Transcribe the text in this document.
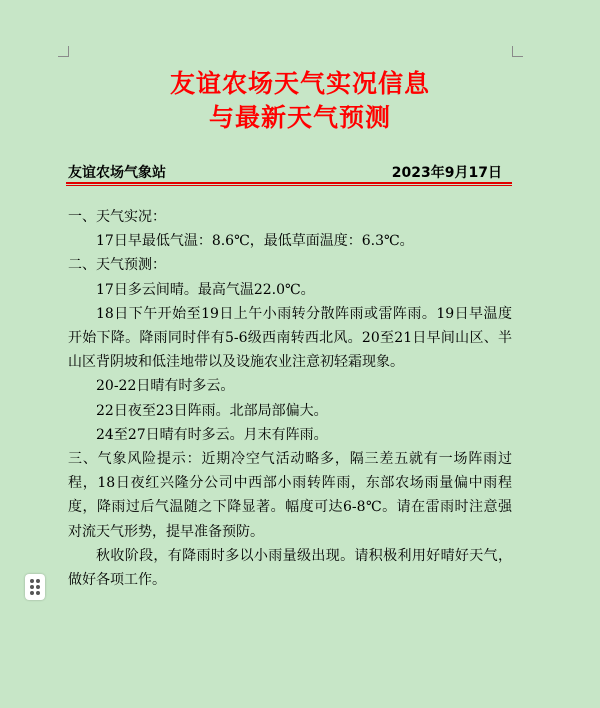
友谊农场天气实况信息
与最新天气预测
友谊农场气象站	2023年9月17日

一、天气实况：

17日早最低气温：8.6℃，最低草面温度：6.3℃。

二、天气预测：

17日多云间晴。最高气温22.0℃。

18日下午开始至19日上午小雨转分散阵雨或雷阵雨。19日早温度开始下降。降雨同时伴有5-6级西南转西北风。20至21日早间山区、半山区背阴坡和低洼地带以及设施农业注意初轻霜现象。

20-22日晴有时多云。

22日夜至23日阵雨。北部局部偏大。

24至27日晴有时多云。月末有阵雨。

三、气象风险提示：近期冷空气活动略多，隔三差五就有一场阵雨过程，18日夜红兴隆分公司中西部小雨转阵雨，东部农场雨量偏中雨程度，降雨过后气温随之下降显著。幅度可达6-8℃。请在雷雨时注意强对流天气形势，提早准备预防。

秋收阶段，有降雨时多以小雨量级出现。请积极利用好晴好天气，做好各项工作。
